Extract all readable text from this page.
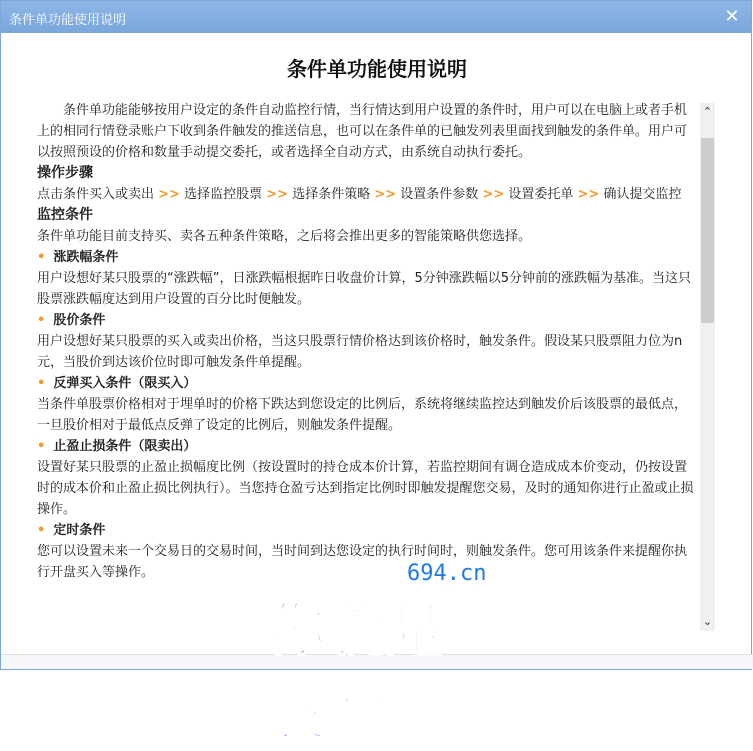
条件单功能使用说明	✕
条件单功能使用说明

条件单功能能够按用户设定的条件自动监控行情，当行情达到用户设置的条件时，用户可以在电脑上或者手机上的相同行情登录账户下收到条件触发的推送信息，也可以在条件单的已触发列表里面找到触发的条件单。用户可以按照预设的价格和数量手动提交委托，或者选择全自动方式，由系统自动执行委托。

操作步骤

点击条件买入或卖出 >> 选择监控股票 >> 选择条件策略 >> 设置条件参数 >> 设置委托单 >> 确认提交监控

监控条件

条件单功能目前支持买、卖各五种条件策略，之后将会推出更多的智能策略供您选择。

• 涨跌幅条件

用户设想好某只股票的“涨跌幅”，日涨跌幅根据昨日收盘价计算，5分钟涨跌幅以5分钟前的涨跌幅为基准。当这只股票涨跌幅度达到用户设置的百分比时便触发。

• 股价条件

用户设想好某只股票的买入或卖出价格，当这只股票行情价格达到该价格时，触发条件。假设某只股票阻力位为n元，当股价到达该价位时即可触发条件单提醒。

• 反弹买入条件（限买入）

当条件单股票价格相对于埋单时的价格下跌达到您设定的比例后，系统将继续监控达到触发价后该股票的最低点，一旦股价相对于最低点反弹了设定的比例后，则触发条件提醒。

• 止盈止损条件（限卖出）

设置好某只股票的止盈止损幅度比例（按设置时的持仓成本价计算，若监控期间有调仓造成成本价变动，仍按设置时的成本价和止盈止损比例执行）。当您持仓盈亏达到指定比例时即触发提醒您交易，及时的通知你进行止盈或止损操作。

• 定时条件

您可以设置未来一个交易日的交易时间，当时间到达您设定的执行时间时，则触发条件。您可用该条件来提醒你执行开盘买入等操作。

⌃
⌄
694.cn
你就是股神
